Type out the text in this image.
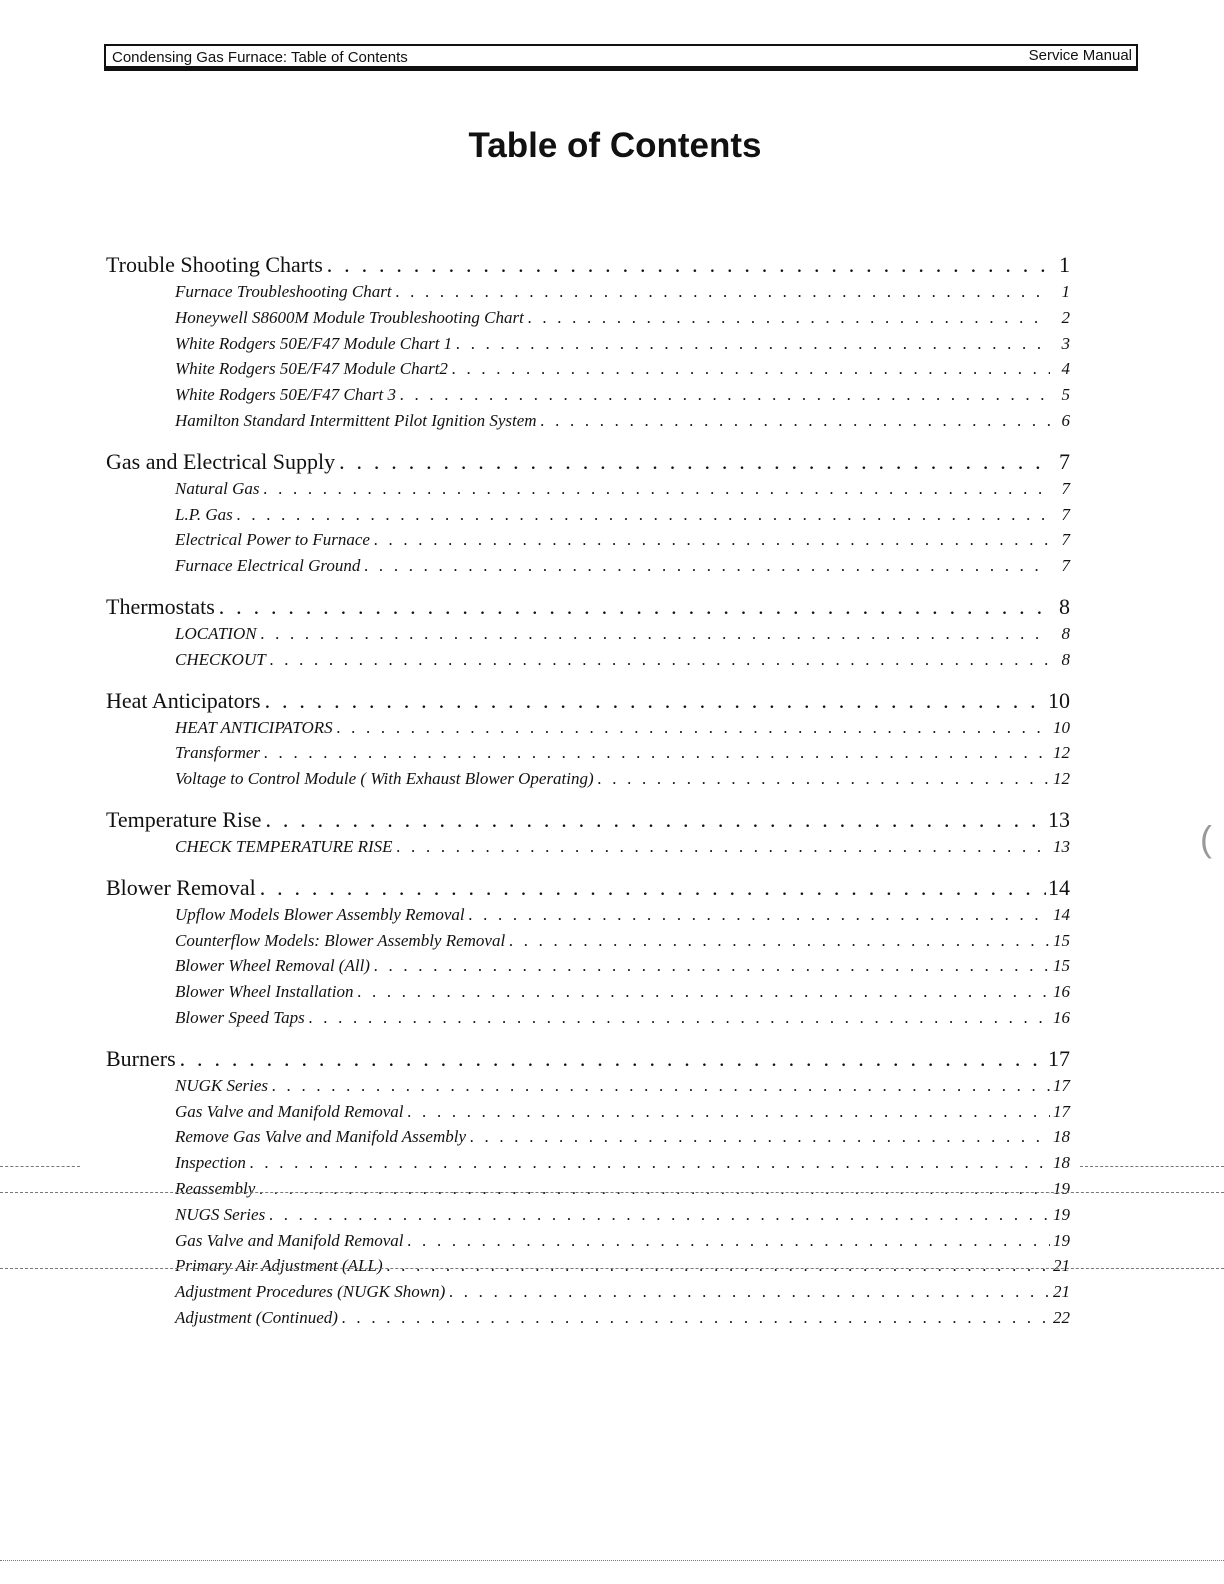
Condensing Gas Furnace: Table of Contents	Service Manual
Table of Contents
Trouble Shooting Charts . . .	1
Furnace Troubleshooting Chart . . .	1
Honeywell S8600M Module Troubleshooting Chart . . .	2
White Rodgers 50E/F47 Module Chart 1 . . .	3
White Rodgers 50E/F47 Module Chart2 . . .	4
White Rodgers 50E/F47 Chart 3 . . .	5
Hamilton Standard Intermittent Pilot Ignition System . . .	6
Gas and Electrical Supply . . .	7
Natural Gas . . .	7
L.P. Gas . . .	7
Electrical Power to Furnace . . .	7
Furnace Electrical Ground . . .	7
Thermostats . . .	8
LOCATION . . .	8
CHECKOUT . . .	8
Heat Anticipators . . .	10
HEAT ANTICIPATORS . . .	10
Transformer . . .	12
Voltage to Control Module ( With Exhaust Blower Operating) . . .	12
Temperature Rise . . .	13
CHECK TEMPERATURE RISE . . .	13
Blower Removal . . .	14
Upflow Models Blower Assembly Removal . . .	14
Counterflow Models: Blower Assembly Removal . . .	15
Blower Wheel Removal (All) . . .	15
Blower Wheel Installation . . .	16
Blower Speed Taps . . .	16
Burners . . .	17
NUGK Series . . .	17
Gas Valve and Manifold Removal . . .	17
Remove Gas Valve and Manifold Assembly . . .	18
Inspection . . .	18
Reassembly . . .	19
NUGS Series . . .	19
Gas Valve and Manifold Removal . . .	19
Primary Air Adjustment (ALL) . . .	21
Adjustment Procedures (NUGK Shown) . . .	21
Adjustment (Continued) . . .	22
(
